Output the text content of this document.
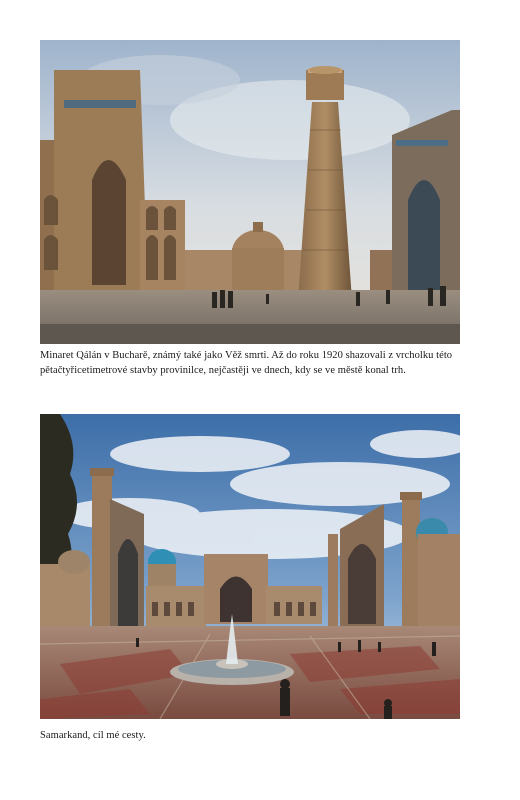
Minaret Qálán v Bucharě, známý také jako Věž smrti. Až do roku 1920 shazovali z vrcholku této pětačtyřicetimetrové stavby provinilce, nejčastěji ve dnech, kdy se ve městě konal trh.
Samarkand, cíl mé cesty.
